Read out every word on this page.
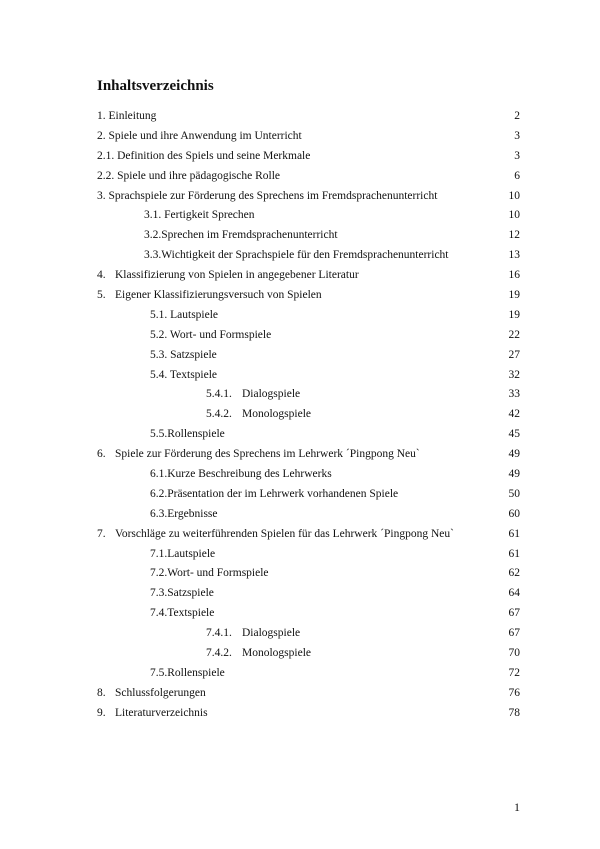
Inhaltsverzeichnis
1. Einleitung	2
2. Spiele und ihre Anwendung im Unterricht	3
2.1. Definition des Spiels und seine Merkmale	3
2.2. Spiele und ihre pädagogische Rolle	6
3. Sprachspiele zur Förderung des Sprechens im Fremdsprachenunterricht	10
3.1. Fertigkeit Sprechen	10
3.2.Sprechen im Fremdsprachenunterricht	12
3.3.Wichtigkeit der Sprachspiele für den Fremdsprachenunterricht	13
4. Klassifizierung von Spielen in angegebener Literatur	16
5. Eigener Klassifizierungsversuch von Spielen	19
5.1. Lautspiele	19
5.2. Wort- und Formspiele	22
5.3. Satzspiele	27
5.4. Textspiele	32
5.4.1. Dialogspiele	33
5.4.2. Monologspiele	42
5.5.Rollenspiele	45
6. Spiele zur Förderung des Sprechens im Lehrwerk ´Pingpong Neu`	49
6.1.Kurze Beschreibung des Lehrwerks	49
6.2.Präsentation der im Lehrwerk vorhandenen Spiele	50
6.3.Ergebnisse	60
7. Vorschläge zu weiterführenden Spielen für das Lehrwerk ´Pingpong Neu`	61
7.1.Lautspiele	61
7.2.Wort- und Formspiele	62
7.3.Satzspiele	64
7.4.Textspiele	67
7.4.1. Dialogspiele	67
7.4.2. Monologspiele	70
7.5.Rollenspiele	72
8. Schlussfolgerungen	76
9. Literaturverzeichnis	78
1
